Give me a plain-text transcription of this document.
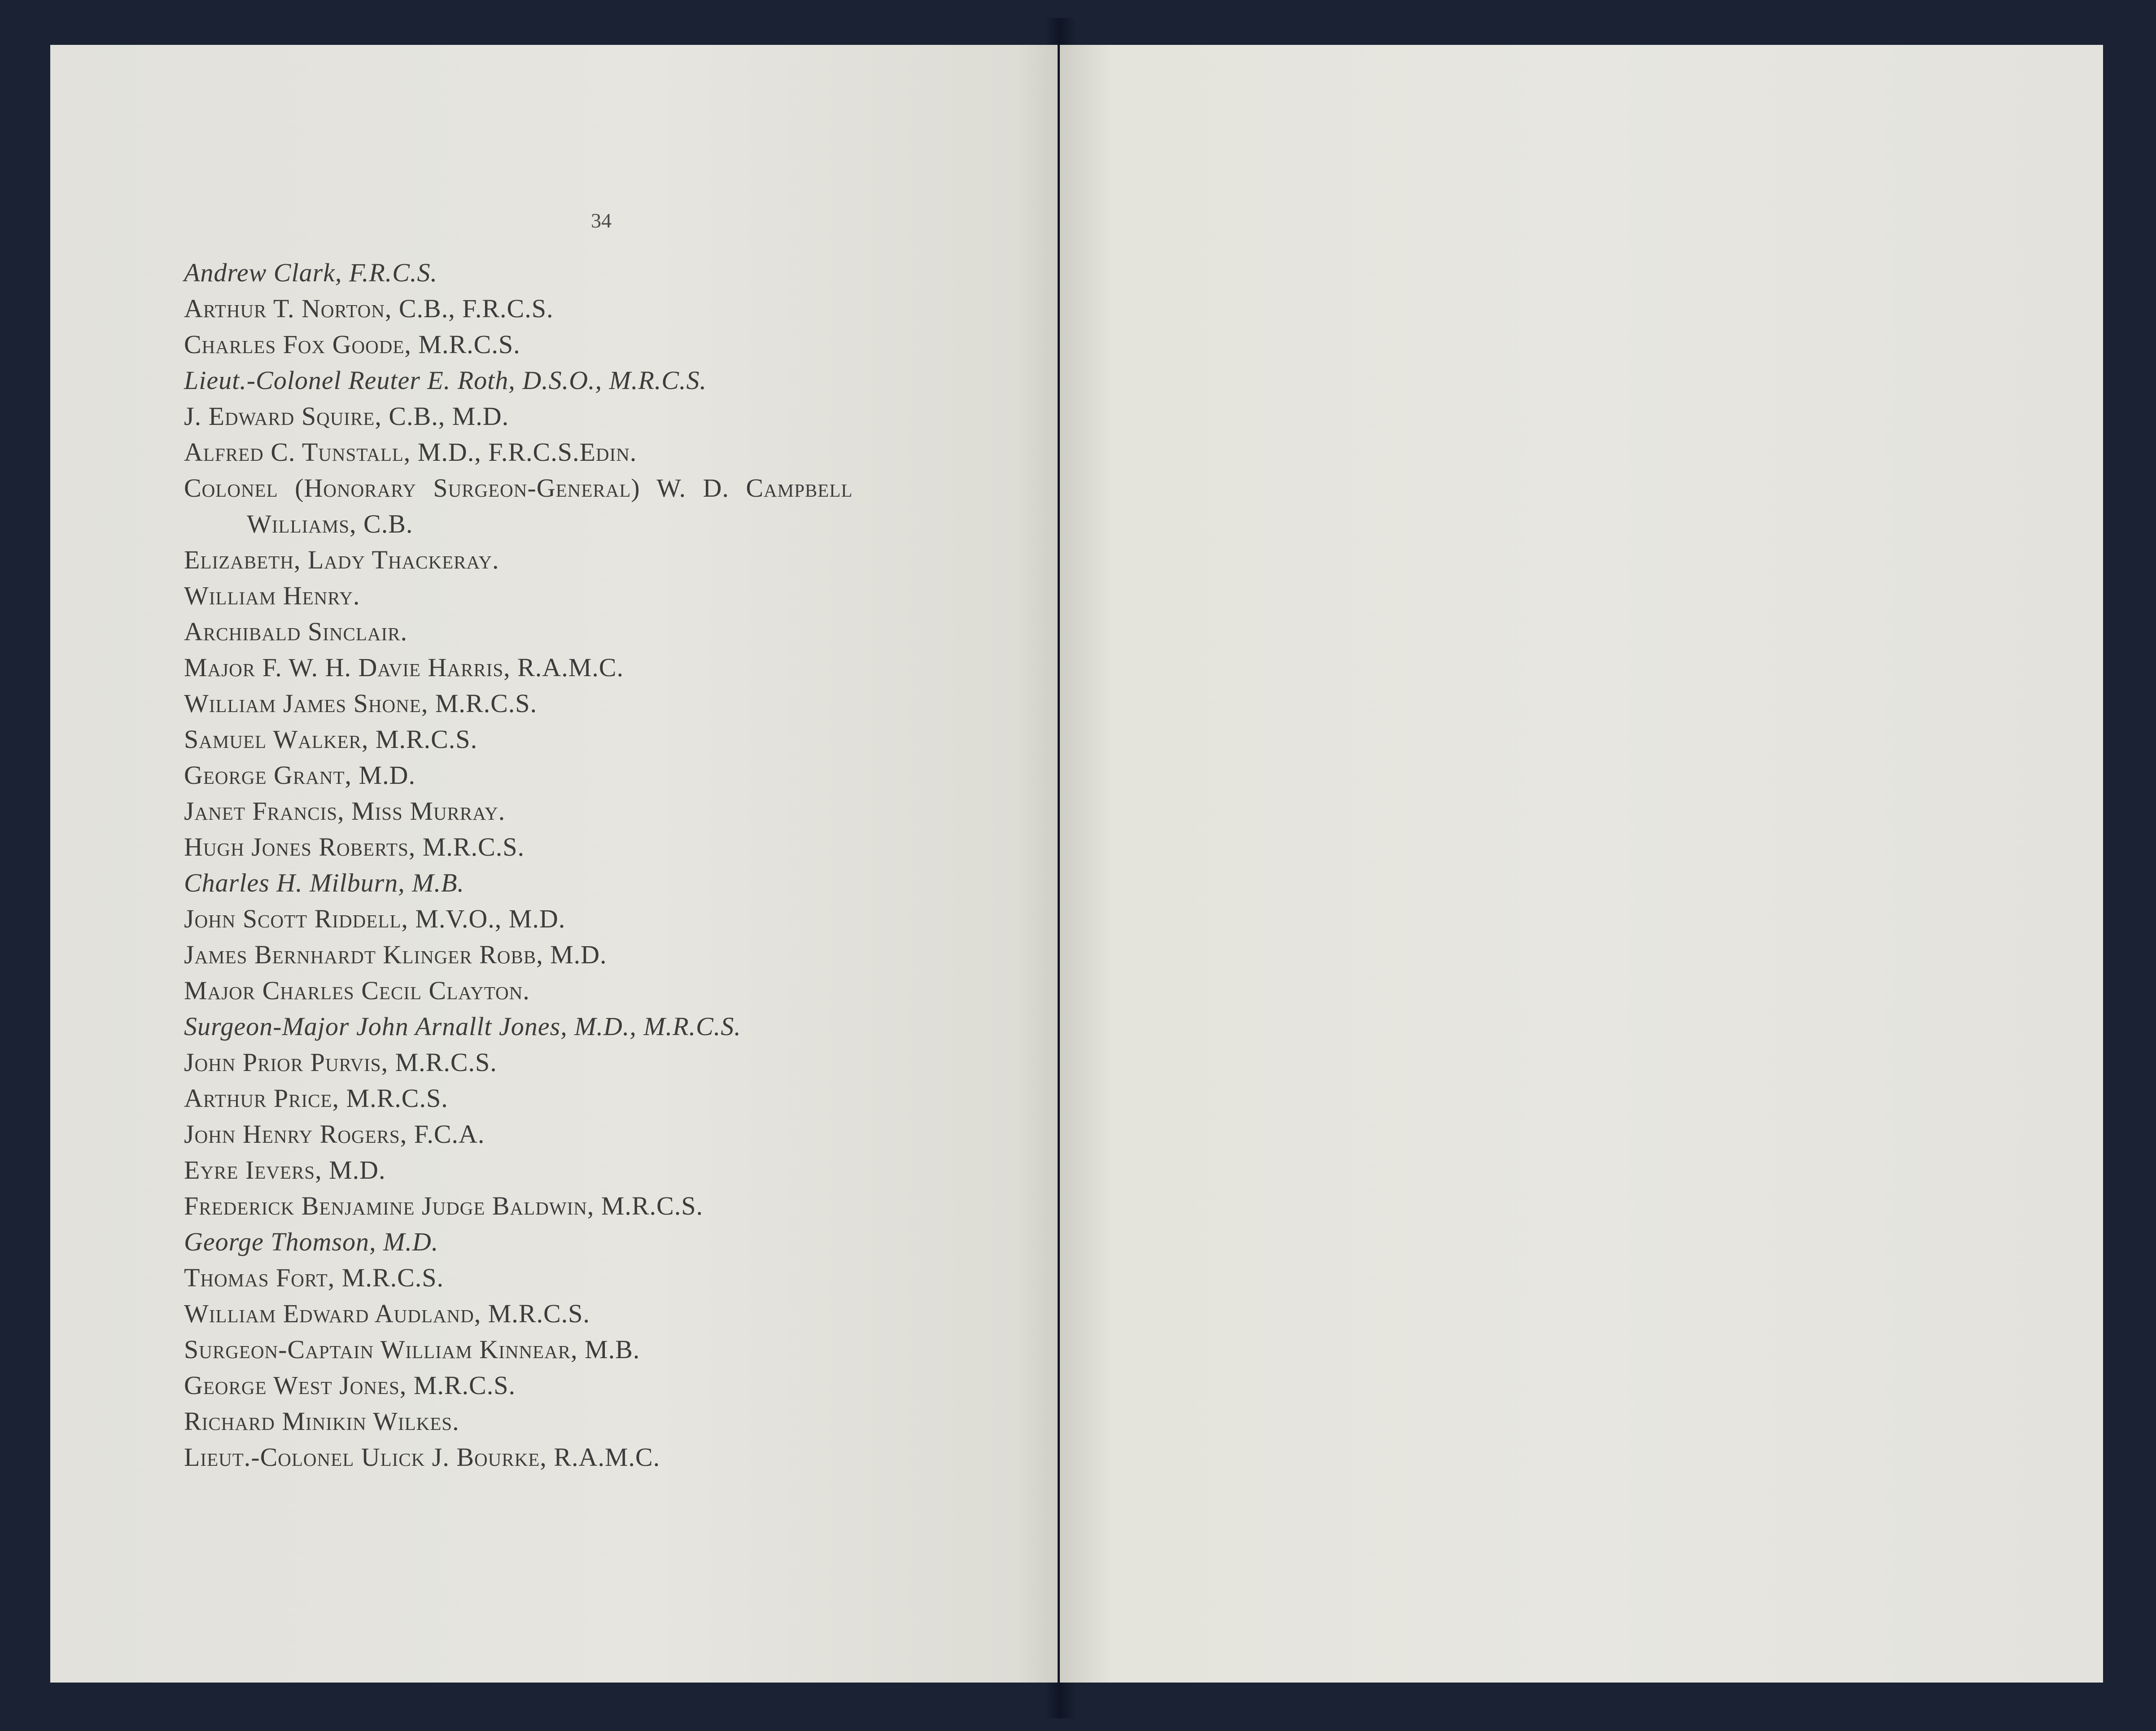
34
Andrew Clark, F.R.C.S.
Arthur T. Norton, C.B., F.R.C.S.
Charles Fox Goode, M.R.C.S.
Lieut.-Colonel Reuter E. Roth, D.S.O., M.R.C.S.
J. Edward Squire, C.B., M.D.
Alfred C. Tunstall, M.D., F.R.C.S.Edin.
Colonel (Honorary Surgeon-General) W. D. Campbell
Williams, C.B.
Elizabeth, Lady Thackeray.
William Henry.
Archibald Sinclair.
Major F. W. H. Davie Harris, R.A.M.C.
William James Shone, M.R.C.S.
Samuel Walker, M.R.C.S.
George Grant, M.D.
Janet Francis, Miss Murray.
Hugh Jones Roberts, M.R.C.S.
Charles H. Milburn, M.B.
John Scott Riddell, M.V.O., M.D.
James Bernhardt Klinger Robb, M.D.
Major Charles Cecil Clayton.
Surgeon-Major John Arnallt Jones, M.D., M.R.C.S.
John Prior Purvis, M.R.C.S.
Arthur Price, M.R.C.S.
John Henry Rogers, F.C.A.
Eyre Ievers, M.D.
Frederick Benjamine Judge Baldwin, M.R.C.S.
George Thomson, M.D.
Thomas Fort, M.R.C.S.
William Edward Audland, M.R.C.S.
Surgeon-Captain William Kinnear, M.B.
George West Jones, M.R.C.S.
Richard Minikin Wilkes.
Lieut.-Colonel Ulick J. Bourke, R.A.M.C.
